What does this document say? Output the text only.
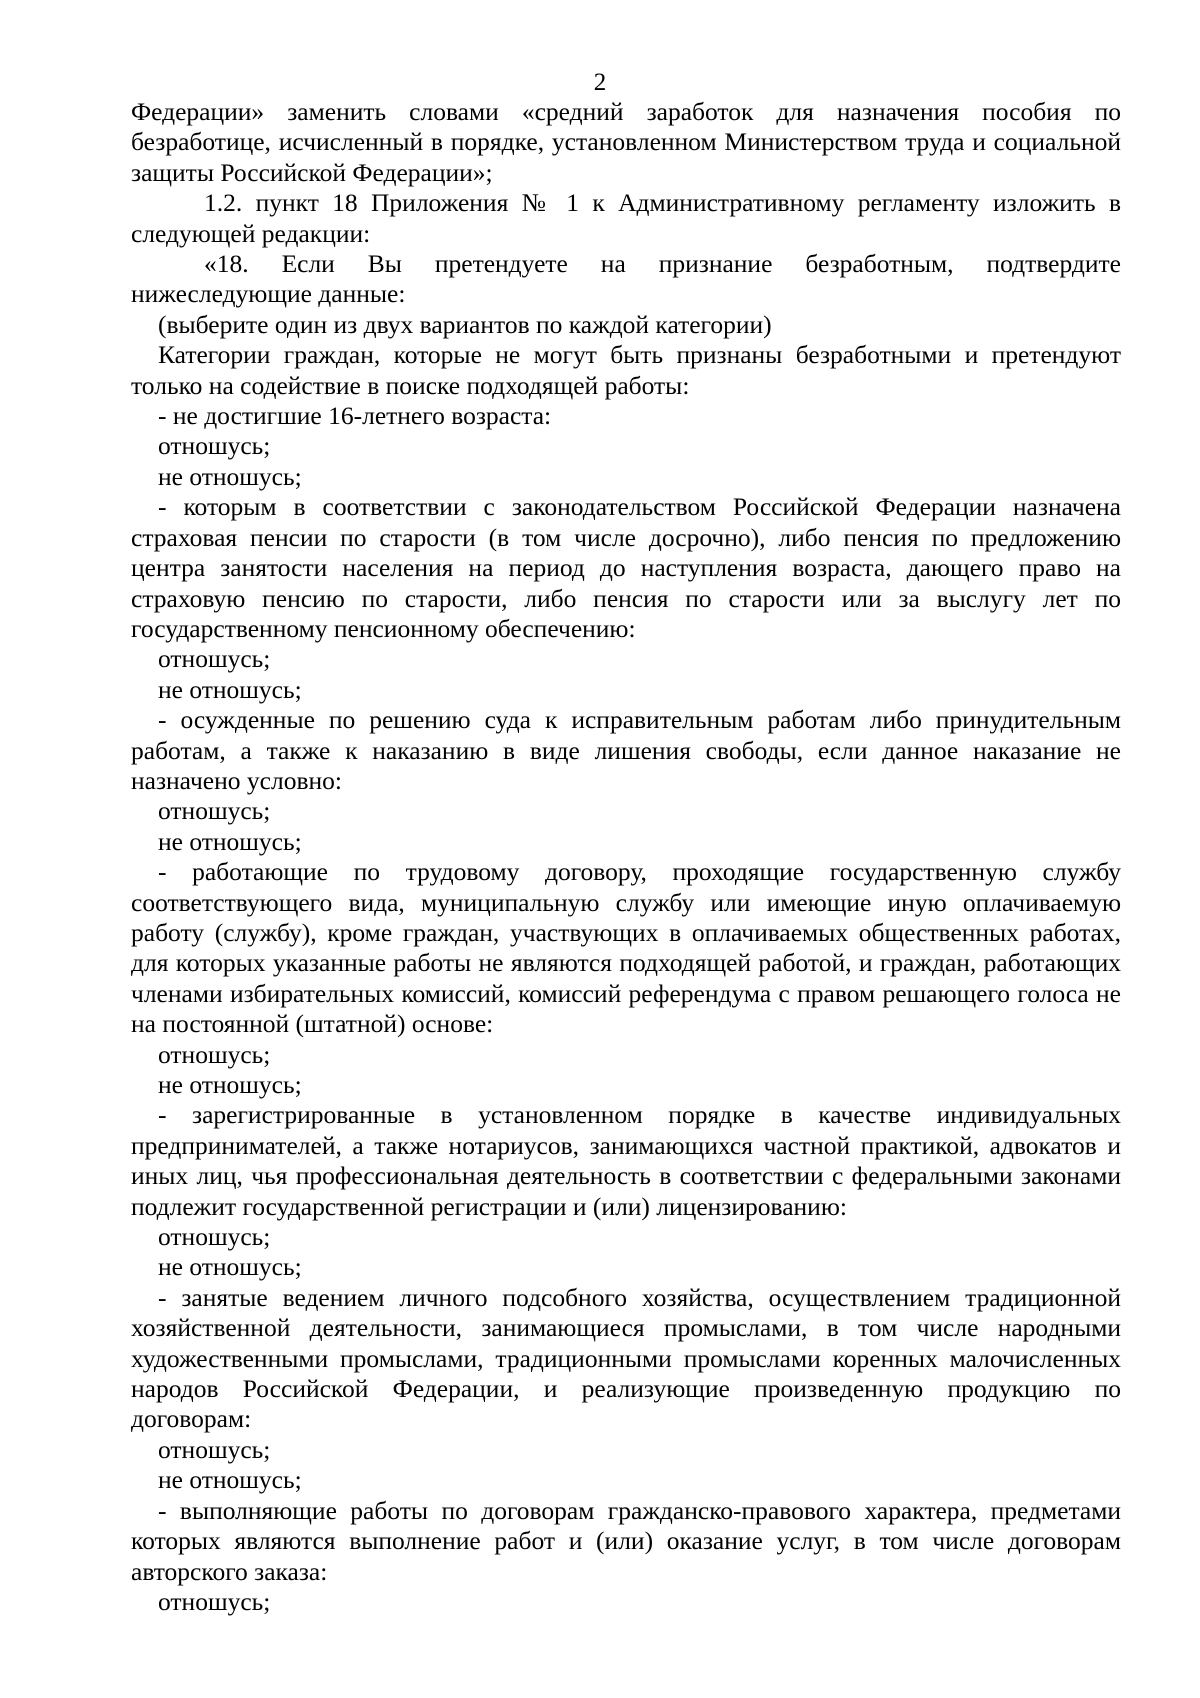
2

Федерации» заменить словами «средний заработок для назначения пособия по безработице, исчисленный в порядке, установленном Министерством труда и социальной защиты Российской Федерации»;

1.2. пункт 18 Приложения № 1 к Административному регламенту изложить в следующей редакции:

«18. Если Вы претендуете на признание безработным, подтвердите нижеследующие данные:

(выберите один из двух вариантов по каждой категории)

Категории граждан, которые не могут быть признаны безработными и претендуют только на содействие в поиске подходящей работы:

- не достигшие 16-летнего возраста:

отношусь;

не отношусь;

- которым в соответствии с законодательством Российской Федерации назначена страховая пенсии по старости (в том числе досрочно), либо пенсия по предложению центра занятости населения на период до наступления возраста, дающего право на страховую пенсию по старости, либо пенсия по старости или за выслугу лет по государственному пенсионному обеспечению:

отношусь;

не отношусь;

- осужденные по решению суда к исправительным работам либо принудительным работам, а также к наказанию в виде лишения свободы, если данное наказание не назначено условно:

отношусь;

не отношусь;

- работающие по трудовому договору, проходящие государственную службу соответствующего вида, муниципальную службу или имеющие иную оплачиваемую работу (службу), кроме граждан, участвующих в оплачиваемых общественных работах, для которых указанные работы не являются подходящей работой, и граждан, работающих членами избирательных комиссий, комиссий референдума с правом решающего голоса не на постоянной (штатной) основе:

отношусь;

не отношусь;

- зарегистрированные в установленном порядке в качестве индивидуальных предпринимателей, а также нотариусов, занимающихся частной практикой, адвокатов и иных лиц, чья профессиональная деятельность в соответствии с федеральными законами подлежит государственной регистрации и (или) лицензированию:

отношусь;

не отношусь;

- занятые ведением личного подсобного хозяйства, осуществлением традиционной хозяйственной деятельности, занимающиеся промыслами, в том числе народными художественными промыслами, традиционными промыслами коренных малочисленных народов Российской Федерации, и реализующие произведенную продукцию по договорам:

отношусь;

не отношусь;

- выполняющие работы по договорам гражданско-правового характера, предметами которых являются выполнение работ и (или) оказание услуг, в том числе договорам авторского заказа:

отношусь;
